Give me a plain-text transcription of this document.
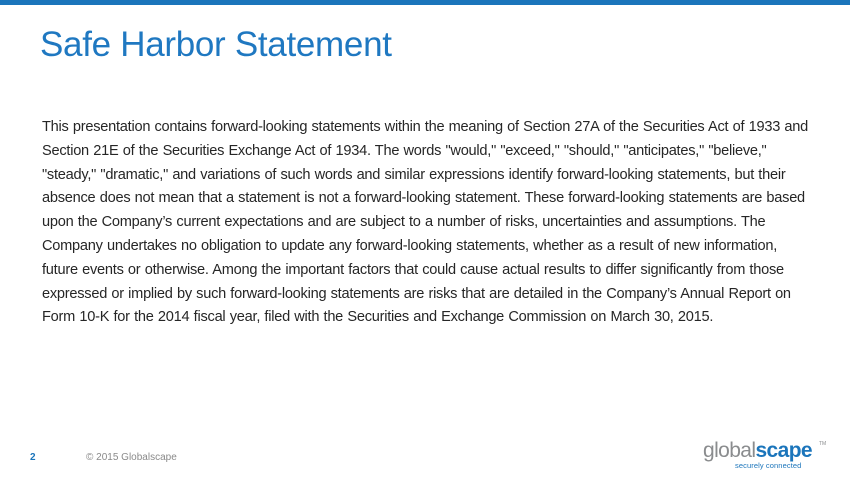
Safe Harbor Statement

This presentation contains forward-looking statements within the meaning of Section 27A of the Securities Act of 1933 and Section 21E of the Securities Exchange Act of 1934. The words "would," "exceed," "should," "anticipates," "believe," "steady," "dramatic," and variations of such words and similar expressions identify forward-looking statements, but their absence does not mean that a statement is not a forward-looking statement. These forward-looking statements are based upon the Company’s current expectations and are subject to a number of risks, uncertainties and assumptions. The Company undertakes no obligation to update any forward-looking statements, whether as a result of new information, future events or otherwise. Among the important factors that could cause actual results to differ significantly from those expressed or implied by such forward-looking statements are risks that are detailed in the Company’s Annual Report on Form 10-K for the 2014 fiscal year, filed with the Securities and Exchange Commission on March 30, 2015.

2	© 2015 Globalscape	globalscape TM
securely connected
